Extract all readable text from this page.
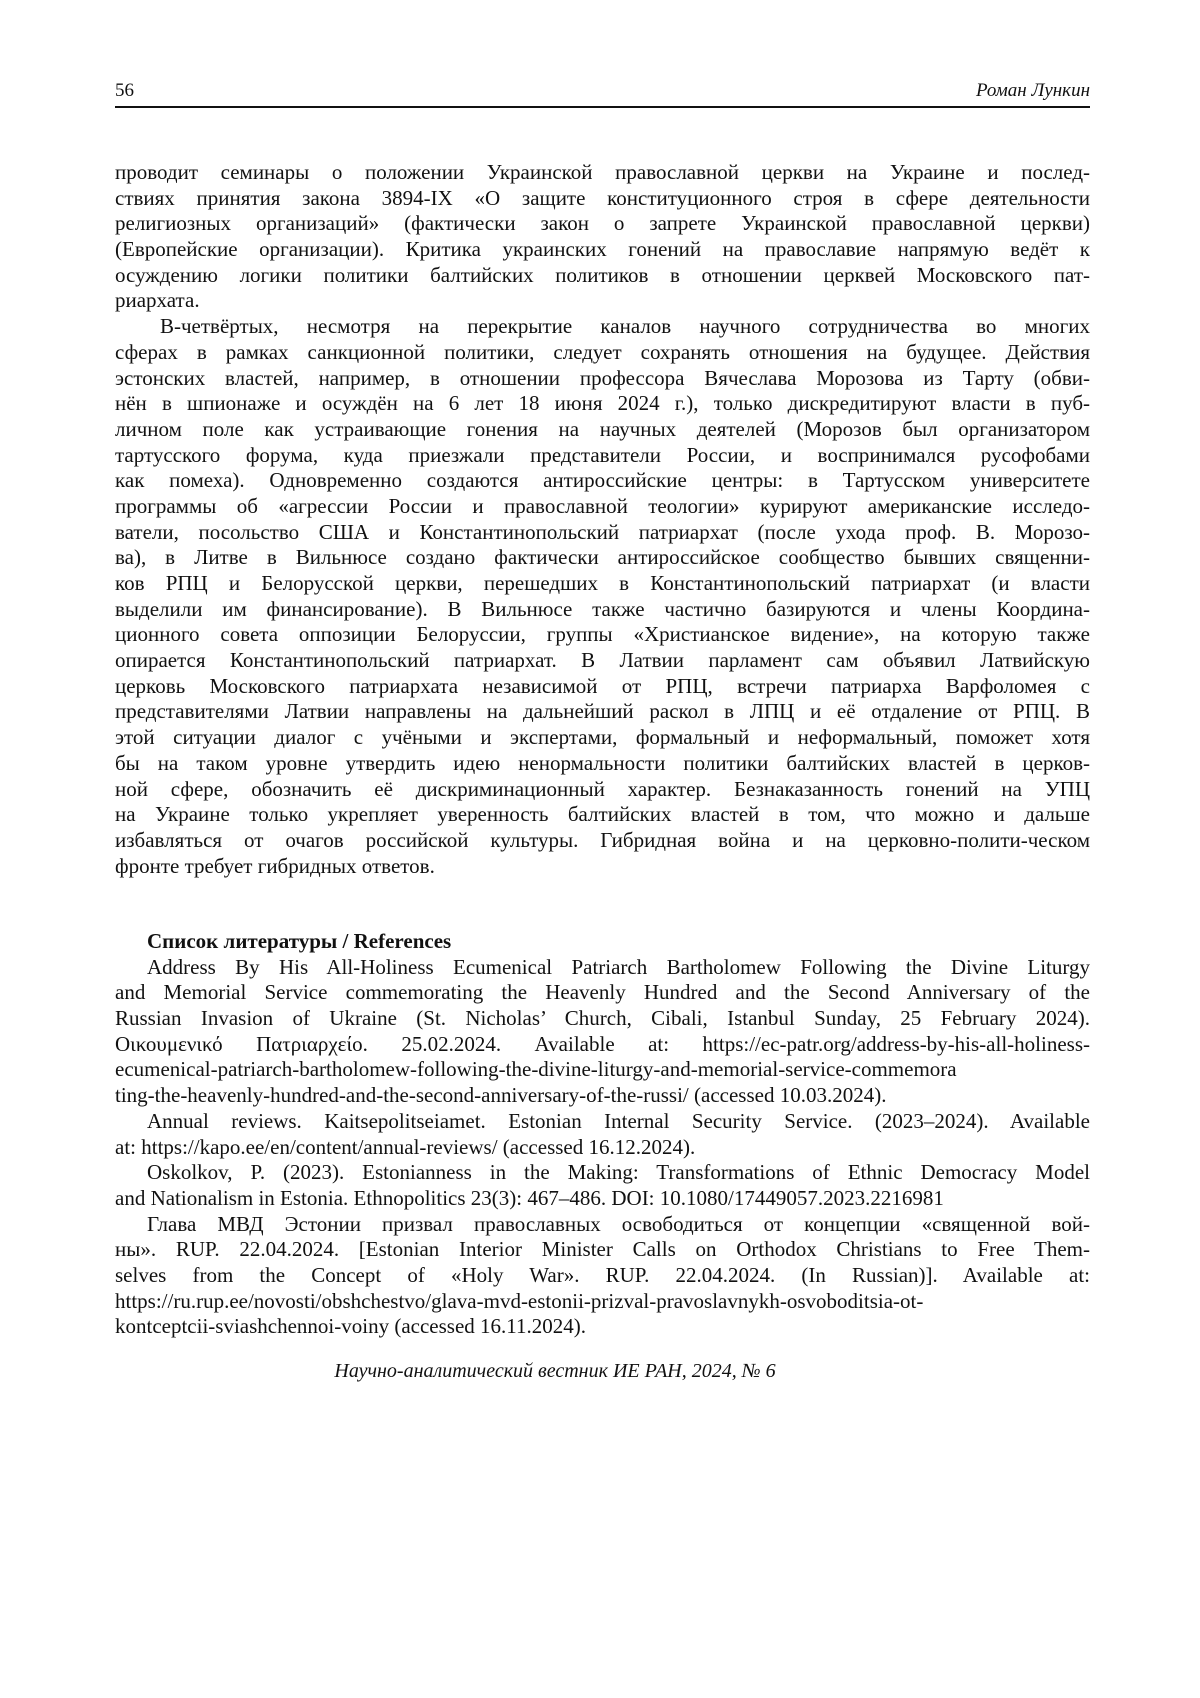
56	Роман Лункин
проводит семинары о положении Украинской православной церкви на Украине и послед-
ствиях принятия закона 3894-IX «О защите конституционного строя в сфере деятельности
религиозных организаций» (фактически закон о запрете Украинской православной церкви)
(Европейские организации). Критика украинских гонений на православие напрямую ведёт к
осуждению логики политики балтийских политиков в отношении церквей Московского пат-
риархата.
В-четвёртых, несмотря на перекрытие каналов научного сотрудничества во многих
сферах в рамках санкционной политики, следует сохранять отношения на будущее. Действия
эстонских властей, например, в отношении профессора Вячеслава Морозова из Тарту (обви-
нён в шпионаже и осуждён на 6 лет 18 июня 2024 г.), только дискредитируют власти в пуб-
личном поле как устраивающие гонения на научных деятелей (Морозов был организатором
тартусского форума, куда приезжали представители России, и воспринимался русофобами
как помеха). Одновременно создаются антироссийские центры: в Тартусском университете
программы об «агрессии России и православной теологии» курируют американские исследо-
ватели, посольство США и Константинопольский патриархат (после ухода проф. В. Морозо-
ва), в Литве в Вильнюсе создано фактически антироссийское сообщество бывших священни-
ков РПЦ и Белорусской церкви, перешедших в Константинопольский патриархат (и власти
выделили им финансирование). В Вильнюсе также частично базируются и члены Координа-
ционного совета оппозиции Белоруссии, группы «Христианское видение», на которую также
опирается Константинопольский патриархат. В Латвии парламент сам объявил Латвийскую
церковь Московского патриархата независимой от РПЦ, встречи патриарха Варфоломея с
представителями Латвии направлены на дальнейший раскол в ЛПЦ и её отдаление от РПЦ. В
этой ситуации диалог с учёными и экспертами, формальный и неформальный, поможет хотя
бы на таком уровне утвердить идею ненормальности политики балтийских властей в церков-
ной сфере, обозначить её дискриминационный характер. Безнаказанность гонений на УПЦ
на Украине только укрепляет уверенность балтийских властей в том, что можно и дальше
избавляться от очагов российской культуры. Гибридная война и на церковно-полити-ческом
фронте требует гибридных ответов.
Список литературы / References
Address By His All-Holiness Ecumenical Patriarch Bartholomew Following the Divine Liturgy
and Memorial Service commemorating the Heavenly Hundred and the Second Anniversary of the
Russian Invasion of Ukraine (St. Nicholas’ Church, Cibali, Istanbul Sunday, 25 February 2024).
Οικουμενικό Πατριαρχείο. 25.02.2024. Available at: https://ec-patr.org/address-by-his-all-holiness-
ecumenical-patriarch-bartholomew-following-the-divine-liturgy-and-memorial-service-commemora
ting-the-heavenly-hundred-and-the-second-anniversary-of-the-russi/ (accessed 10.03.2024).
Annual reviews. Kaitsepolitseiamet. Estonian Internal Security Service. (2023–2024). Available
at: https://kapo.ee/en/content/annual-reviews/ (accessed 16.12.2024).
Oskolkov, P. (2023). Estonianness in the Making: Transformations of Ethnic Democracy Model
and Nationalism in Estonia. Ethnopolitics 23(3): 467–486. DOI: 10.1080/17449057.2023.2216981
Глава МВД Эстонии призвал православных освободиться от концепции «священной вой-
ны». RUP. 22.04.2024. [Estonian Interior Minister Calls on Orthodox Christians to Free Them-
selves from the Concept of «Holy War». RUP. 22.04.2024. (In Russian)]. Available at:
https://ru.rup.ee/novosti/obshchestvo/glava-mvd-estonii-prizval-pravoslavnykh-osvoboditsia-ot-
kontceptcii-sviashchennoi-voiny (accessed 16.11.2024).
Научно-аналитический вестник ИЕ РАН, 2024, № 6
